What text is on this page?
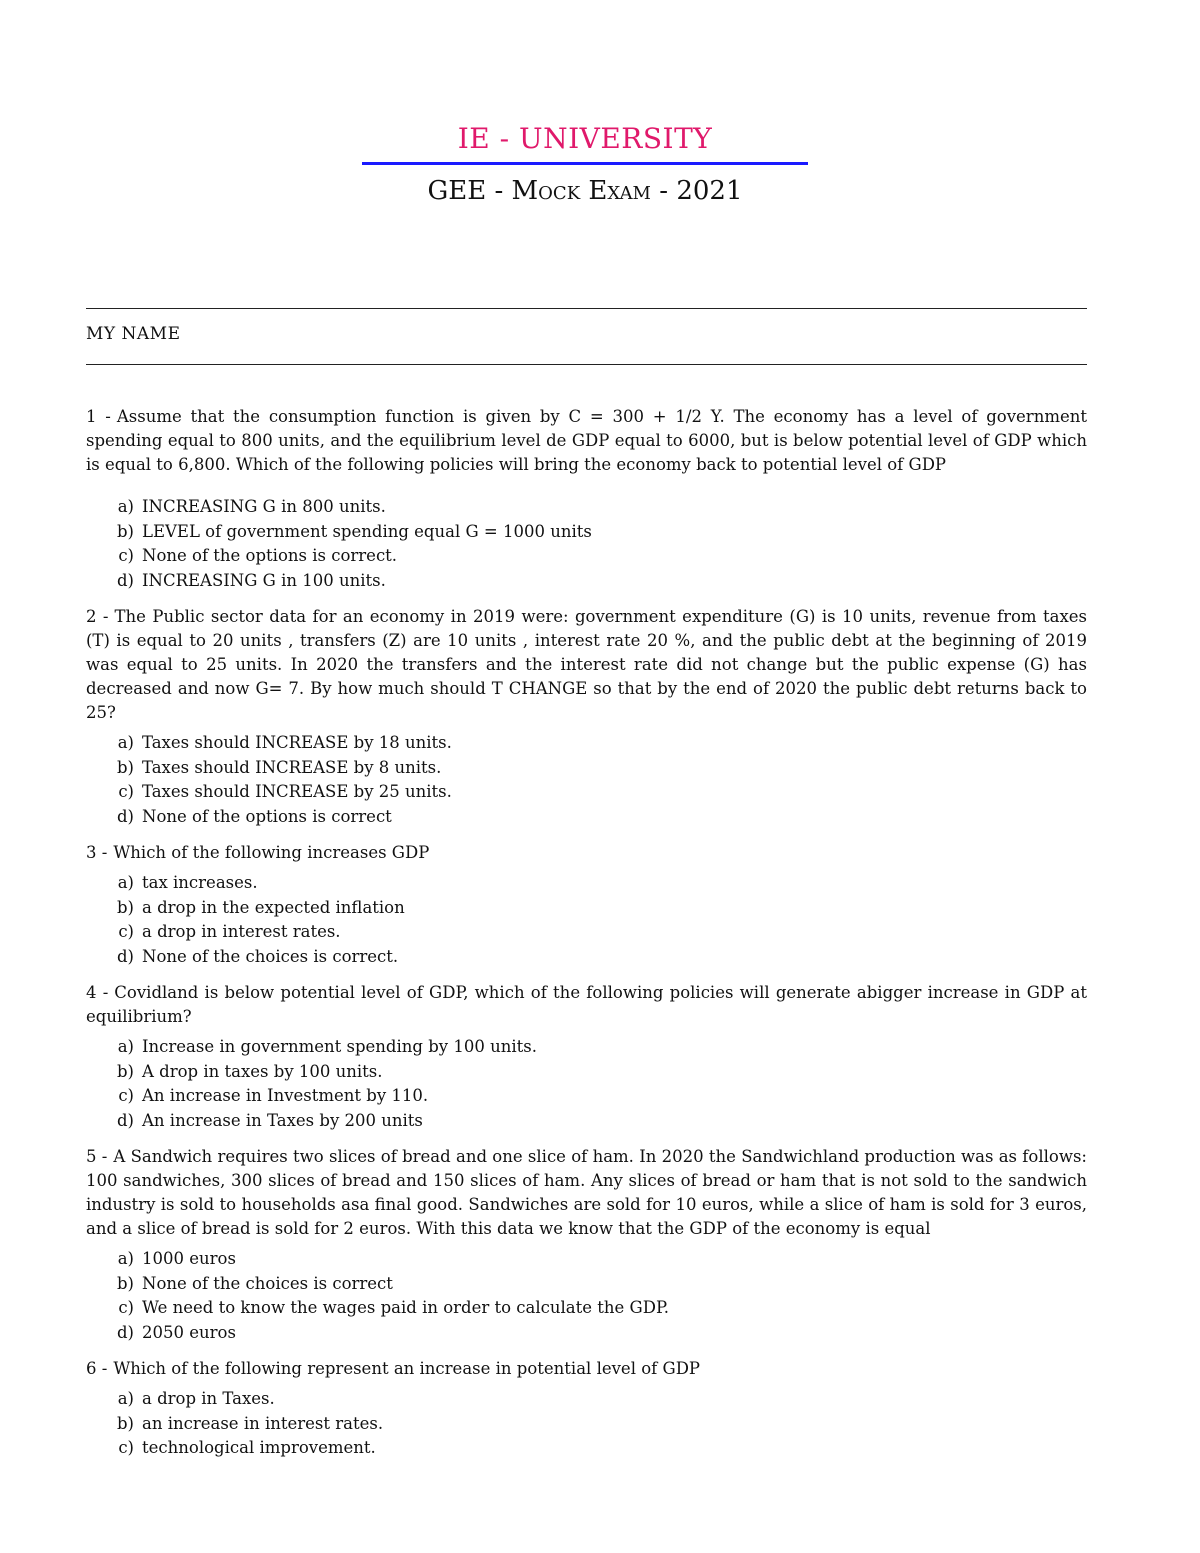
IE - UNIVERSITY
GEE - Mock Exam - 2021
MY NAME
1 - Assume that the consumption function is given by C = 300 + 1/2 Y. The economy has a level of government spending equal to 800 units, and the equilibrium level de GDP equal to 6000, but is below potential level of GDP which is equal to 6,800. Which of the following policies will bring the economy back to potential level of GDP
a) INCREASING G in 800 units.
b) LEVEL of government spending equal G = 1000 units
c) None of the options is correct.
d) INCREASING G in 100 units.
2 - The Public sector data for an economy in 2019 were: government expenditure (G) is 10 units, revenue from taxes (T) is equal to 20 units , transfers (Z) are 10 units , interest rate 20 %, and the public debt at the beginning of 2019 was equal to 25 units. In 2020 the transfers and the interest rate did not change but the public expense (G) has decreased and now G= 7. By how much should T CHANGE so that by the end of 2020 the public debt returns back to 25?
a) Taxes should INCREASE by 18 units.
b) Taxes should INCREASE by 8 units.
c) Taxes should INCREASE by 25 units.
d) None of the options is correct
3 - Which of the following increases GDP
a) tax increases.
b) a drop in the expected inflation
c) a drop in interest rates.
d) None of the choices is correct.
4 - Covidland is below potential level of GDP, which of the following policies will generate abigger increase in GDP at equilibrium?
a) Increase in government spending by 100 units.
b) A drop in taxes by 100 units.
c) An increase in Investment by 110.
d) An increase in Taxes by 200 units
5 - A Sandwich requires two slices of bread and one slice of ham. In 2020 the Sandwichland production was as follows: 100 sandwiches, 300 slices of bread and 150 slices of ham. Any slices of bread or ham that is not sold to the sandwich industry is sold to households asa final good. Sandwiches are sold for 10 euros, while a slice of ham is sold for 3 euros, and a slice of bread is sold for 2 euros. With this data we know that the GDP of the economy is equal
a) 1000 euros
b) None of the choices is correct
c) We need to know the wages paid in order to calculate the GDP.
d) 2050 euros
6 - Which of the following represent an increase in potential level of GDP
a) a drop in Taxes.
b) an increase in interest rates.
c) technological improvement.
